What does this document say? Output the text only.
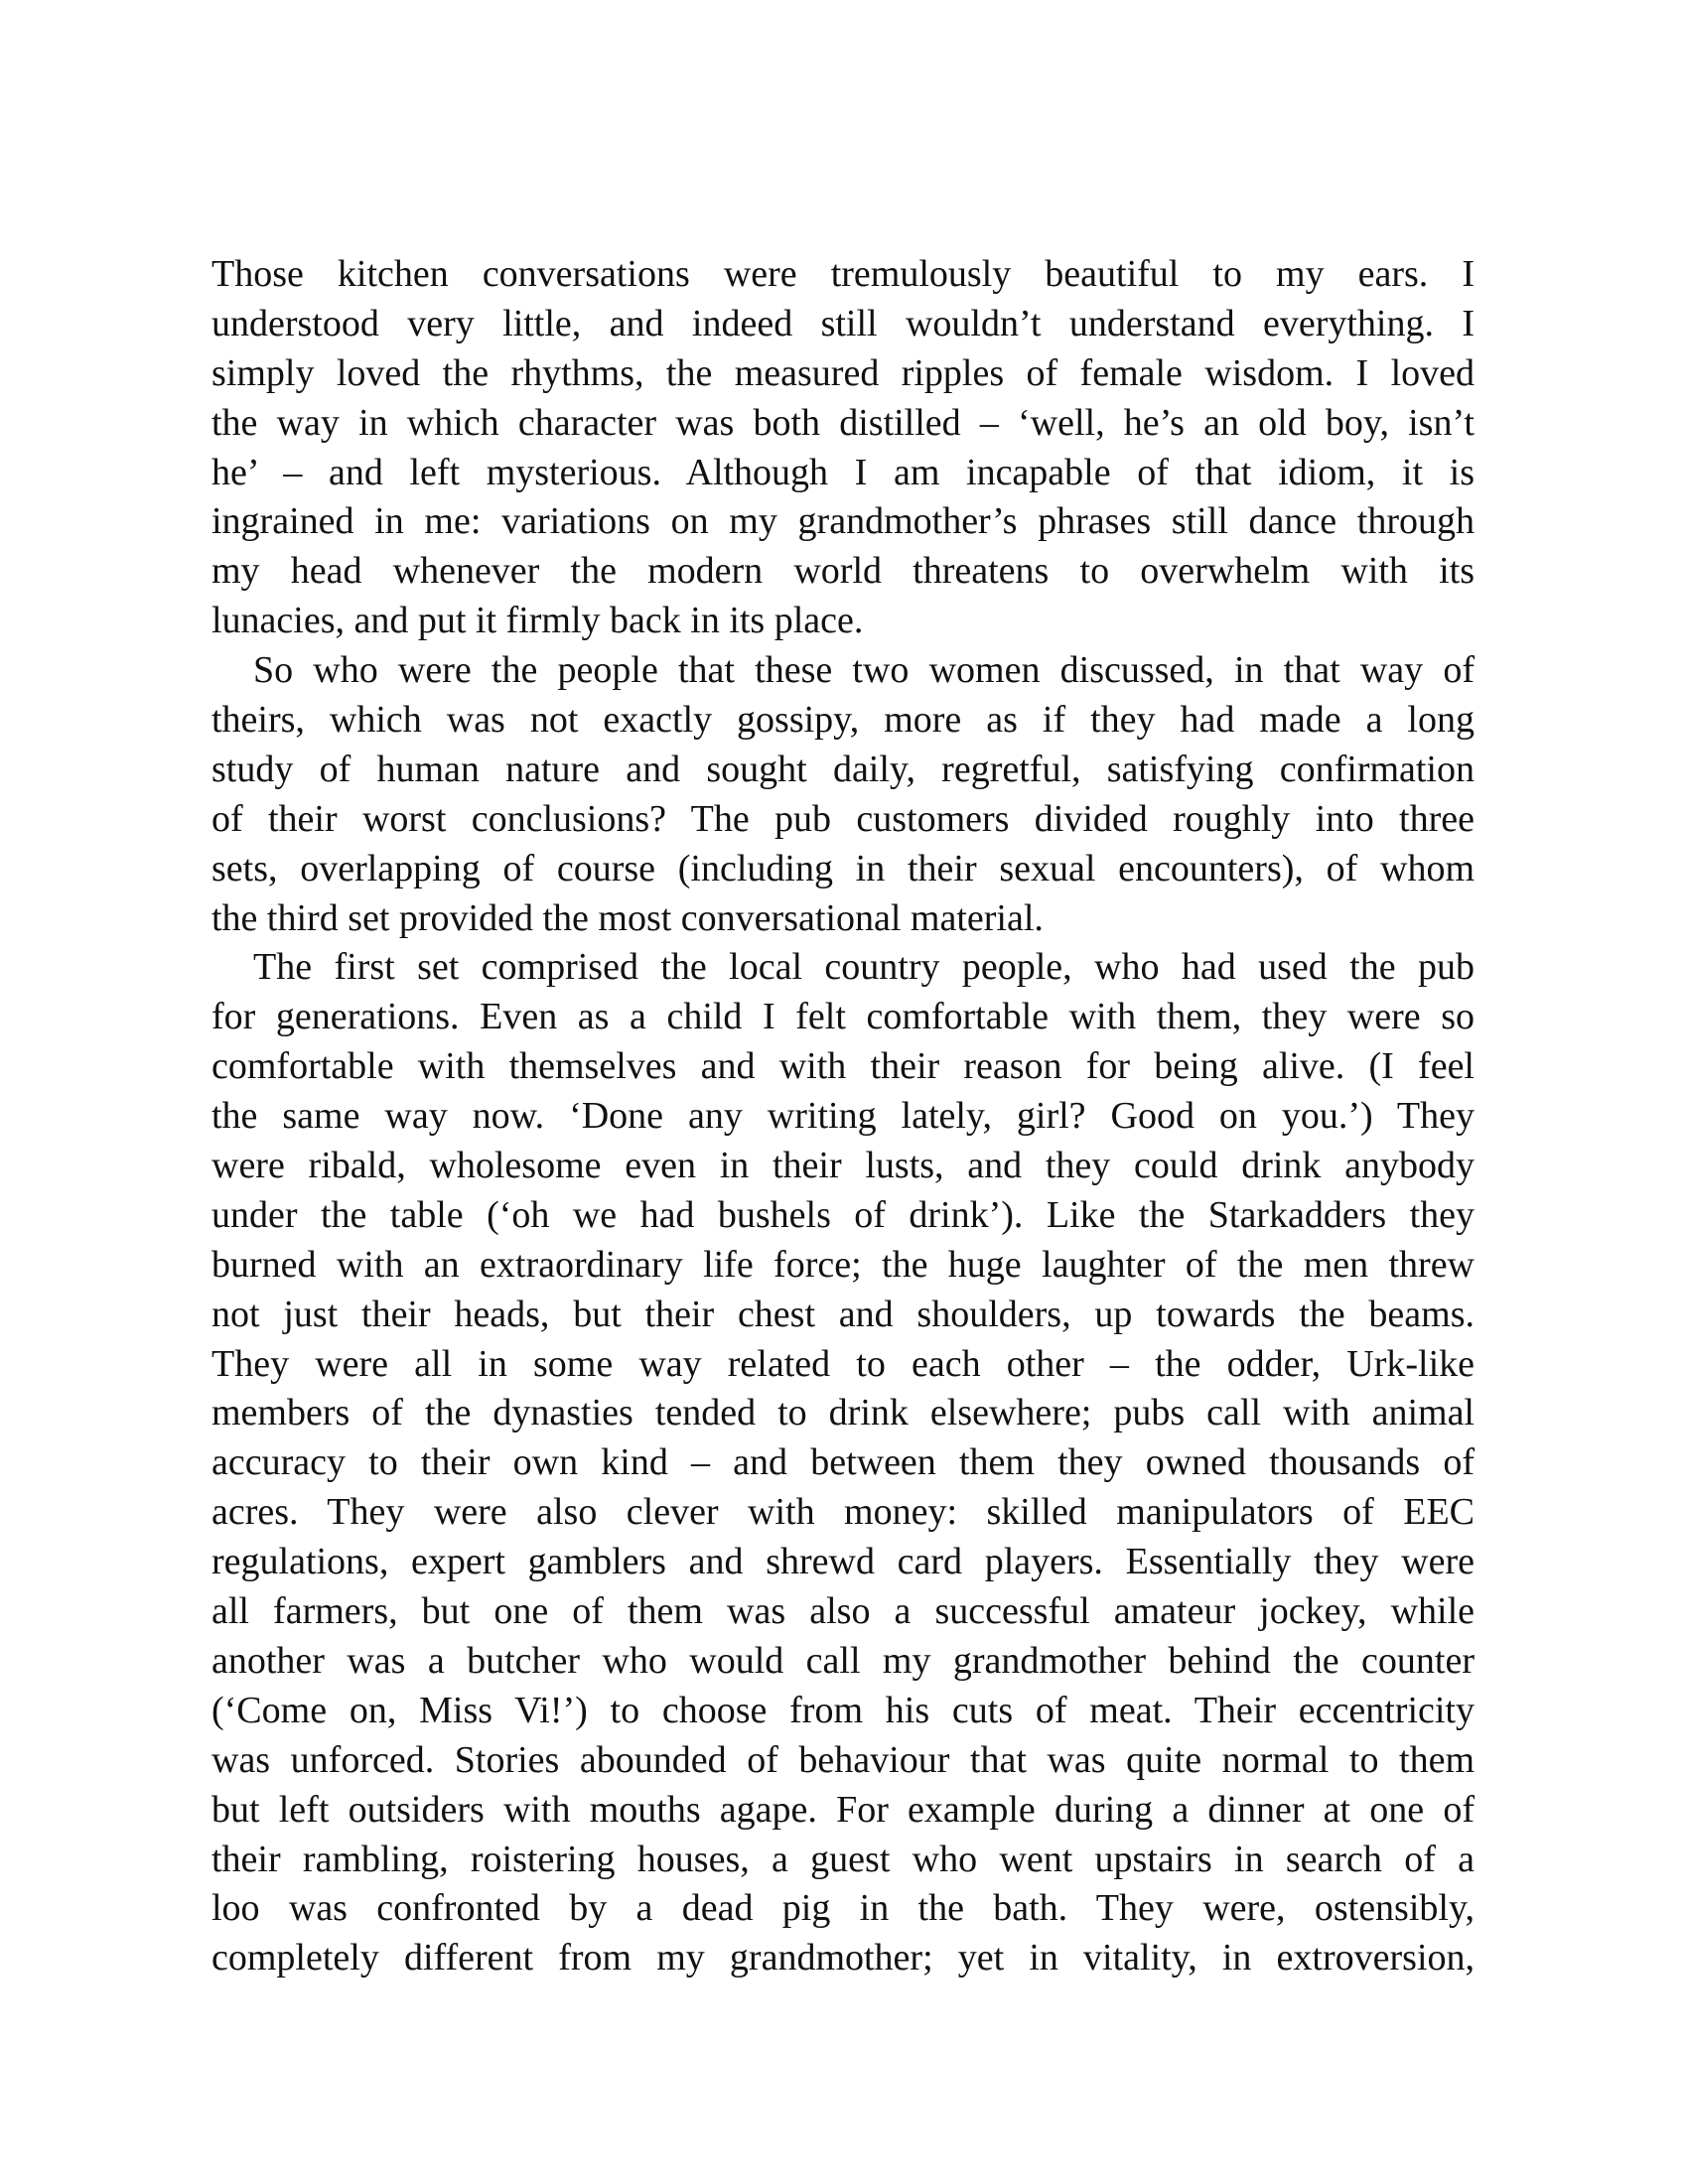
Those kitchen conversations were tremulously beautiful to my ears. I
understood very little, and indeed still wouldn’t understand everything. I
simply loved the rhythms, the measured ripples of female wisdom. I loved
the way in which character was both distilled – ‘well, he’s an old boy, isn’t
he’ – and left mysterious. Although I am incapable of that idiom, it is
ingrained in me: variations on my grandmother’s phrases still dance through
my head whenever the modern world threatens to overwhelm with its
lunacies, and put it firmly back in its place.
So who were the people that these two women discussed, in that way of
theirs, which was not exactly gossipy, more as if they had made a long
study of human nature and sought daily, regretful, satisfying confirmation
of their worst conclusions? The pub customers divided roughly into three
sets, overlapping of course (including in their sexual encounters), of whom
the third set provided the most conversational material.
The first set comprised the local country people, who had used the pub
for generations. Even as a child I felt comfortable with them, they were so
comfortable with themselves and with their reason for being alive. (I feel
the same way now. ‘Done any writing lately, girl? Good on you.’) They
were ribald, wholesome even in their lusts, and they could drink anybody
under the table (‘oh we had bushels of drink’). Like the Starkadders they
burned with an extraordinary life force; the huge laughter of the men threw
not just their heads, but their chest and shoulders, up towards the beams.
They were all in some way related to each other – the odder, Urk-like
members of the dynasties tended to drink elsewhere; pubs call with animal
accuracy to their own kind – and between them they owned thousands of
acres. They were also clever with money: skilled manipulators of EEC
regulations, expert gamblers and shrewd card players. Essentially they were
all farmers, but one of them was also a successful amateur jockey, while
another was a butcher who would call my grandmother behind the counter
(‘Come on, Miss Vi!’) to choose from his cuts of meat. Their eccentricity
was unforced. Stories abounded of behaviour that was quite normal to them
but left outsiders with mouths agape. For example during a dinner at one of
their rambling, roistering houses, a guest who went upstairs in search of a
loo was confronted by a dead pig in the bath. They were, ostensibly,
completely different from my grandmother; yet in vitality, in extroversion,
